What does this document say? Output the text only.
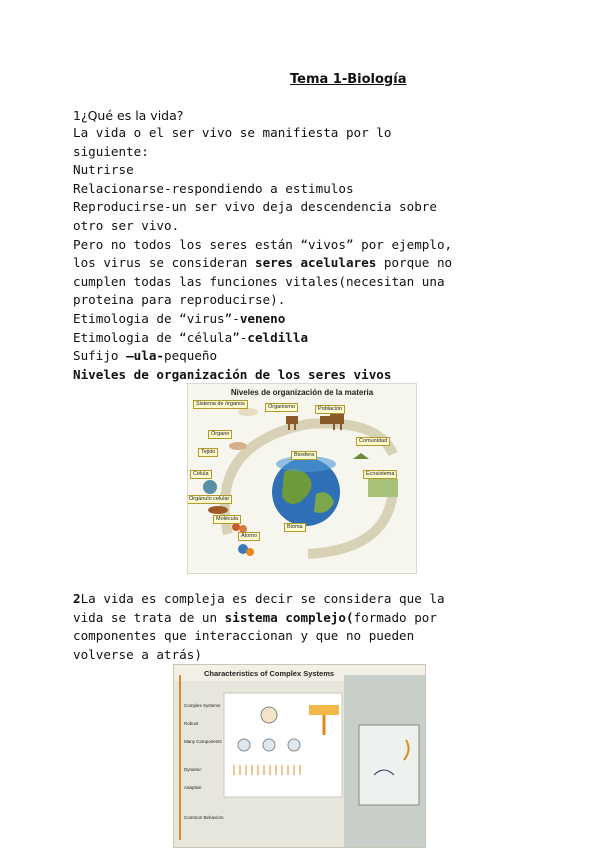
Tema 1-Biología
1¿Qué es la vida?

La vida o el ser vivo se manifiesta por lo

siguiente:

Nutrirse

Relacionarse-respondiendo a estimulos

Reproducirse-un ser vivo deja descendencia sobre

otro ser vivo.

Pero no todos los seres están “vivos” por ejemplo,

los virus se consideran seres acelulares porque no

cumplen todas las funciones vitales(necesitan una

proteina para reproducirse).

Etimologia de “virus”-veneno

Etimologia de “célula”-celdilla

Sufijo –ula-pequeño

Niveles de organización de los seres vivos

Niveles de organización de la materia
Sistema de órganos
Órgano
Tejido
Célula
Orgánulo celular
Molécula
Átomo
Organismo	Población
Comunidad
Ecosistema
Biosfera
Bioma

2La vida es compleja es decir se considera que la

vida se trata de un sistema complejo(formado por

componentes que interaccionan y que no pueden

volverse a atrás)

Characteristics of Complex Systems
Complex Systems
Robust
Many Components
Dynamic
Adaptive
Common Behaviors
